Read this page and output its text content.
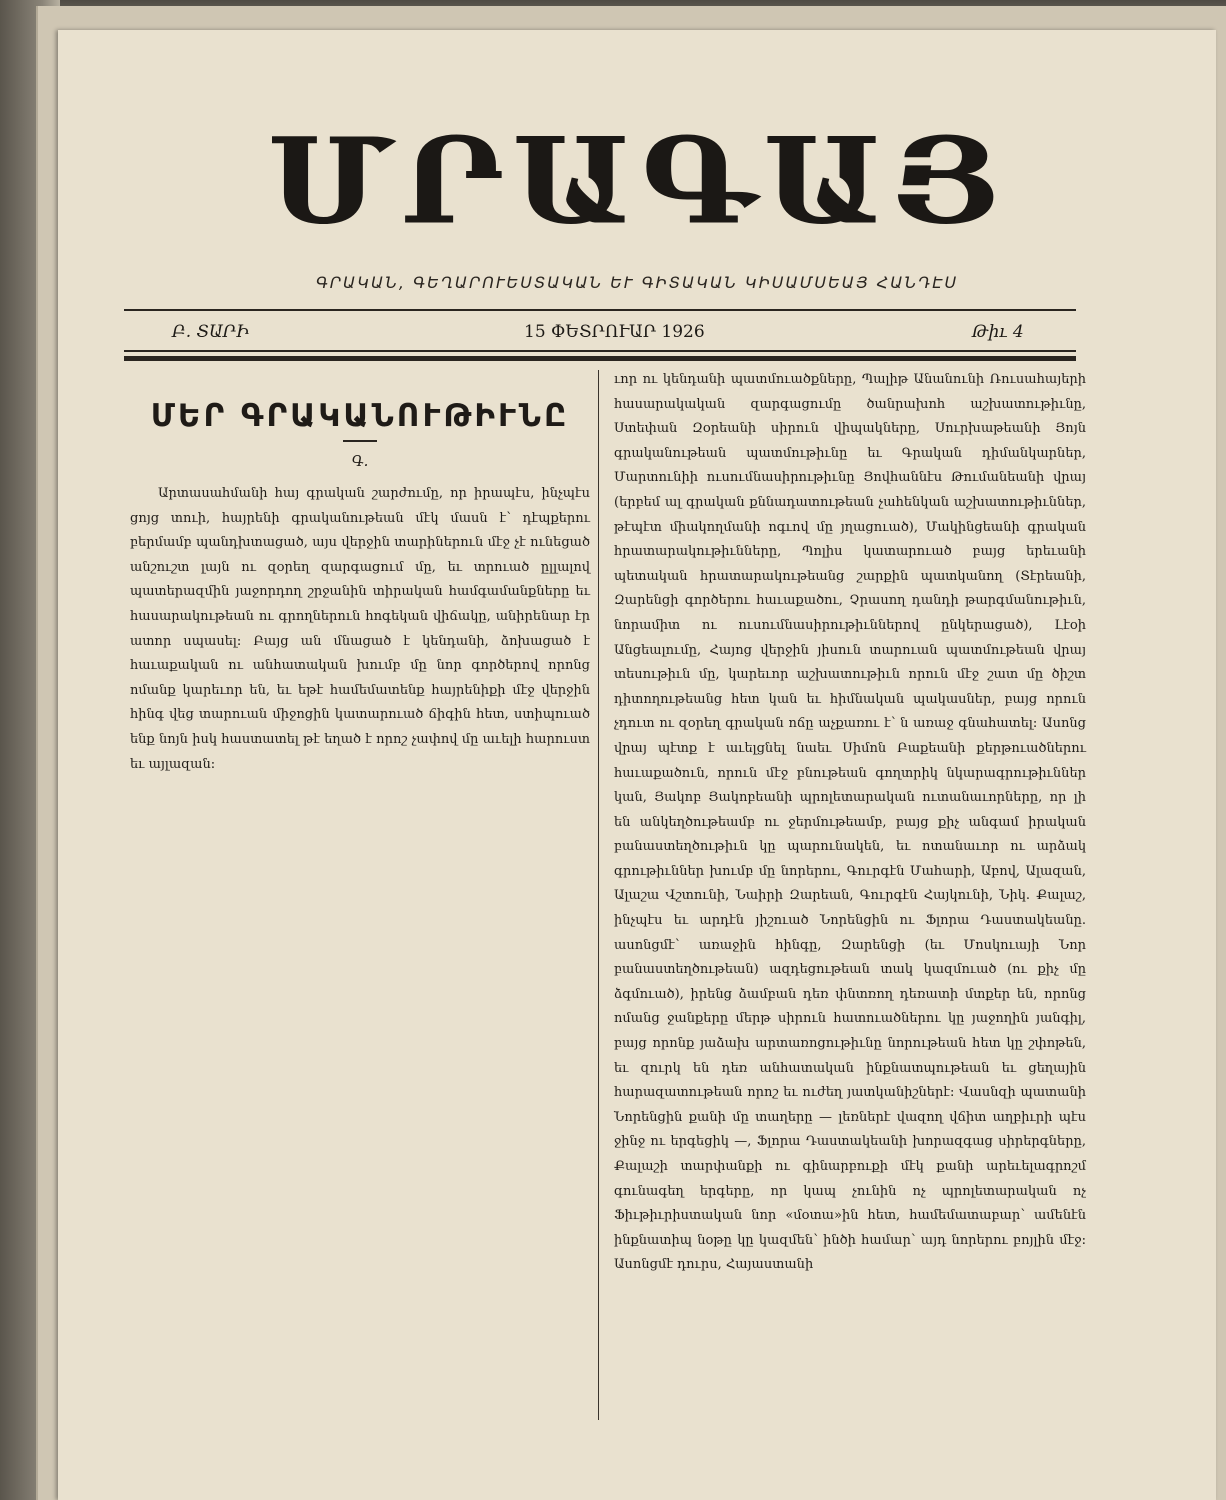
ՄՐԱԳԱՅ
ԳՐԱԿԱՆ, ԳԵՂԱՐՈՒԵՍՏԱԿԱՆ ԵՒ ԳԻՏԱԿԱՆ ԿԻՍԱՄՍԵԱՅ ՀԱՆԴԷՍ
Բ. ՏԱՐԻ	15 ՓԵՏՐՈՒԱՐ 1926	Թիւ 4
ՄԵՐ ԳՐԱԿԱՆՈՒԹԻՒՆԸ
Գ.

Արտասահմանի հայ գրական շարժումը, որ իրապէս, ինչպէս ցոյց տուի, հայրենի գրականութեան մէկ մասն է՝ դէպքերու բերմամբ պանդխտացած, այս վերջին տարիներուն մէջ չէ ունեցած անշուշտ լայն ու զօրեղ զարգացում մը, եւ տրուած ըլլալով պատերազմին յաջորդող շրջանին տիրական համգամանքները եւ հասարակութեան ու գրողներուն հոգեկան վիճակը, անիրենար էր ատոր սպասել։ Բայց ան մնացած է կենդանի, ձոխացած է հաւաքական ու անհատական խումբ մը նոր գործերով որոնց ոմանք կարեւոր են, եւ եթէ համեմատենք հայրենիքի մէջ վերջին հինգ վեց տարուան միջոցին կատարուած ճիգին հետ, ստիպուած ենք նոյն իսկ հաստատել թէ եղած է որոշ չափով մը աւելի հարուստ եւ այլազան։

ւոր ու կենդանի պատմուածքները, Պալիթ Անանունի Ռուսահայերի հասարակական զարգացումը ծանրախոհ աշխատութիւնը, Ստեփան Զօրեանի սիրուն վիպակները, Սուրխաթեանի Յոյն գրականութեան պատմութիւնը եւ Գրական դիմանկարներ, Մարտունիի ուսումնասիրութիւնը Յովհաննէս Թումանեանի վրայ (երբեմ ալ գրական քննադատութեան չահենկան աշխատութիւններ, թէպէտ միակողմանի ոգւով մը յղացուած), Մակինցեանի գրական հրատարակութիւնները, Պոլիս կատարուած բայց երեւանի պետական հրատարակութեանց շարքին պատկանող (Տէրեանի, Զարենցի գործերու հաւաքածու, Չրասող դանդի թարգմանութիւն, նորամիտ ու ուսումնասիրութիւններով ընկերացած), Լէօի Անցեալումը, Հայոց վերջին յիսուն տարուան պատմութեան վրայ տեսութիւն մը, կարեւոր աշխատութիւն որուն մէջ շատ մը ծիշտ դիտողութեանց հետ կան եւ հիմնական պակասներ, բայց որուն չդուտ ու զօրեղ գրական ոճը աչքառու է՝ ն առաջ գնահատել։ Ասոնց վրայ պէտք է աւելցնել նաեւ Սիմոն Բաքեանի քերթուածներու հաւաքածուն, որուն մէջ բնութեան գողտրիկ նկարագրութիւններ կան, Յակոբ Յակոբեանի պրոլետարական ուտանաւորները, որ լի են անկեղծութեամբ ու ջերմութեամբ, բայց քիչ անգամ իրական բանաստեղծութիւն կը պարունակեն, եւ ոտանաւոր ու արձակ գրութիւններ խումբ մը նորերու, Գուրգէն Մահարի, Աբով, Ալազան, Ալաշա Վշտունի, Նաիրի Զարեան, Գուրգէն Հայկունի, Նիկ. Քալաշ, ինչպէս եւ արդէն յիշուած Նորենցին ու Ֆլորա Դաստակեանը. ասոնցմէ՝ առաջին հինգը, Զարենցի (եւ Մոսկուայի Նոր բանաստեղծութեան) ազդեցութեան տակ կազմուած (ու քիչ մը ձգմուած), իրենց ձամբան դեռ փնտռող դեռատի մտքեր են, որոնց ոմանց ջանքերը մերթ սիրուն հատուածներու կը յաջողին յանգիլ, բայց որոնք յաձախ արտառոցութիւնը նորութեան հետ կը շփոթեն, եւ զուրկ են դեռ անհատական ինքնատպութեան եւ ցեղային հարազատութեան որոշ եւ ուժեղ յատկանիշներէ։ Վասնզի պատանի Նորենցին քանի մը տաղերը — լեռներէ վազող վճիտ աղբիւրի պէս ջինջ ու երգեցիկ —, Ֆլորա Դաստակեանի խորազգաց սիրերգները, Քալաշի տարփանքի ու գինարբուքի մէկ քանի արեւելագրոշմ գունագեղ երգերը, որ կապ չունին ոչ պրոլետարական ոչ Ֆիւթիւրիստական նոր «մօտա»ին հետ, համեմատաբար՝ ամենէն ինքնատիպ նօթը կը կազմեն՝ ինծի համար՝ այդ նորերու բոյլին մէջ։ Ասոնցմէ դուրս, Հայաստանի
